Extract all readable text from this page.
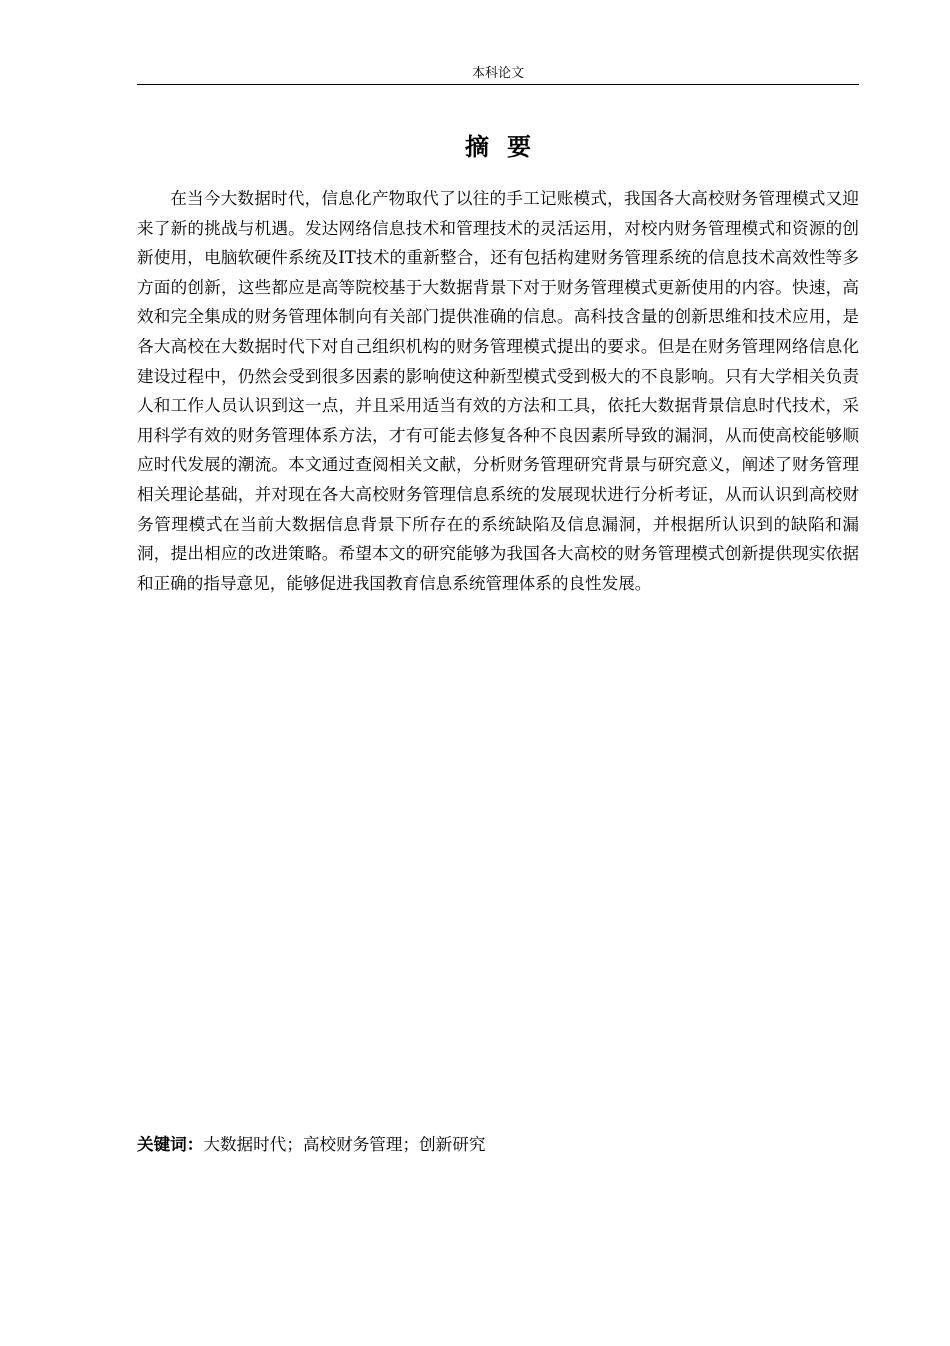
本科论文
摘要

在当今大数据时代，信息化产物取代了以往的手工记账模式，我国各大高校财务管理模式又迎来了新的挑战与机遇。发达网络信息技术和管理技术的灵活运用，对校内财务管理模式和资源的创新使用，电脑软硬件系统及IT技术的重新整合，还有包括构建财务管理系统的信息技术高效性等多方面的创新，这些都应是高等院校基于大数据背景下对于财务管理模式更新使用的内容。快速，高效和完全集成的财务管理体制向有关部门提供准确的信息。高科技含量的创新思维和技术应用，是各大高校在大数据时代下对自己组织机构的财务管理模式提出的要求。但是在财务管理网络信息化建设过程中，仍然会受到很多因素的影响使这种新型模式受到极大的不良影响。只有大学相关负责人和工作人员认识到这一点，并且采用适当有效的方法和工具，依托大数据背景信息时代技术，采用科学有效的财务管理体系方法，才有可能去修复各种不良因素所导致的漏洞，从而使高校能够顺应时代发展的潮流。本文通过查阅相关文献，分析财务管理研究背景与研究意义，阐述了财务管理相关理论基础，并对现在各大高校财务管理信息系统的发展现状进行分析考证，从而认识到高校财务管理模式在当前大数据信息背景下所存在的系统缺陷及信息漏洞，并根据所认识到的缺陷和漏洞，提出相应的改进策略。希望本文的研究能够为我国各大高校的财务管理模式创新提供现实依据和正确的指导意见，能够促进我国教育信息系统管理体系的良性发展。

关键词：大数据时代；高校财务管理；创新研究
